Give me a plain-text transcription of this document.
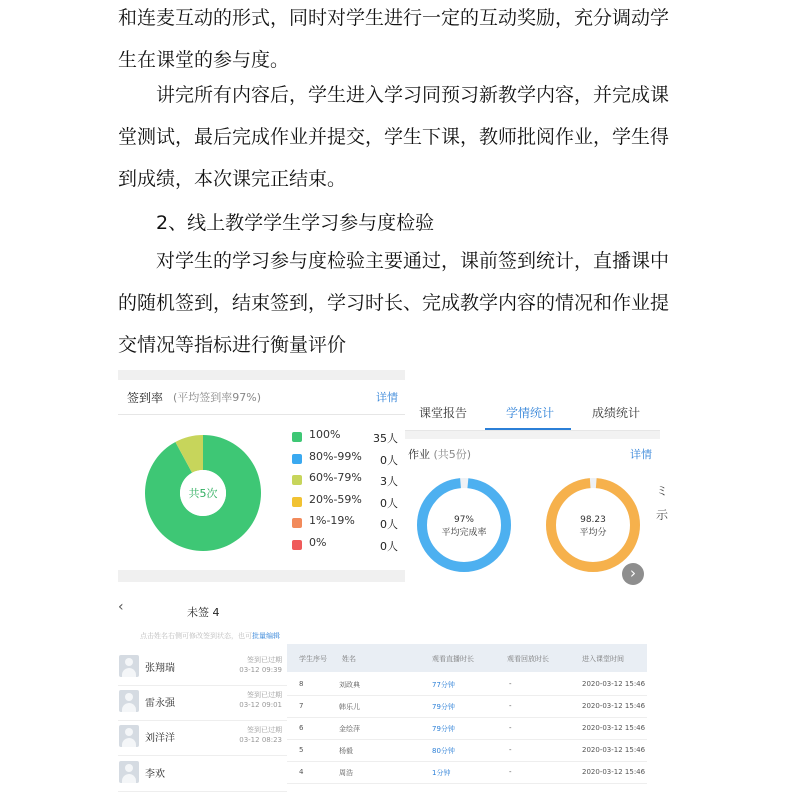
和连麦互动的形式，同时对学生进行一定的互动奖励，充分调动学生在课堂的参与度。

讲完所有内容后，学生进入学习同预习新教学内容，并完成课堂测试，最后完成作业并提交，学生下课，教师批阅作业，学生得到成绩，本次课完正结束。

2、线上教学学生学习参与度检验

对学生的学习参与度检验主要通过，课前签到统计，直播课中的随机签到，结束签到，学习时长、完成教学内容的情况和作业提交情况等指标进行衡量评价

签到率 (平均签到率97%)	详情
共5次
100%	35人
80%-99% 0人
60%-79% 3人
20%-59% 0人
1%-19% 0人
0%	0人
课堂报告	学情统计	成绩统计
作业 (共5份)	详情
97%
平均完成率
98.23
平均分
›
ミ
示
‹	未签 4
点击姓名右侧可修改签到状态，也可批量编辑
张翔瑞
签到已过期
03-12 09:39
雷永强
签到已过期
03-12 09:01
刘洋洋
签到已过期
03-12 08:23
李欢
学生序号 姓名	观看直播时长	观看回放时长	进入课堂时间
8	刘政典	77分钟	-	2020-03-12 15:46
7	韩乐儿	79分钟	-	2020-03-12 15:46
6	金绘萍	79分钟	-	2020-03-12 15:46
5	杨毅	80分钟	-	2020-03-12 15:46
4	周浩	1分钟	-	2020-03-12 15:46
